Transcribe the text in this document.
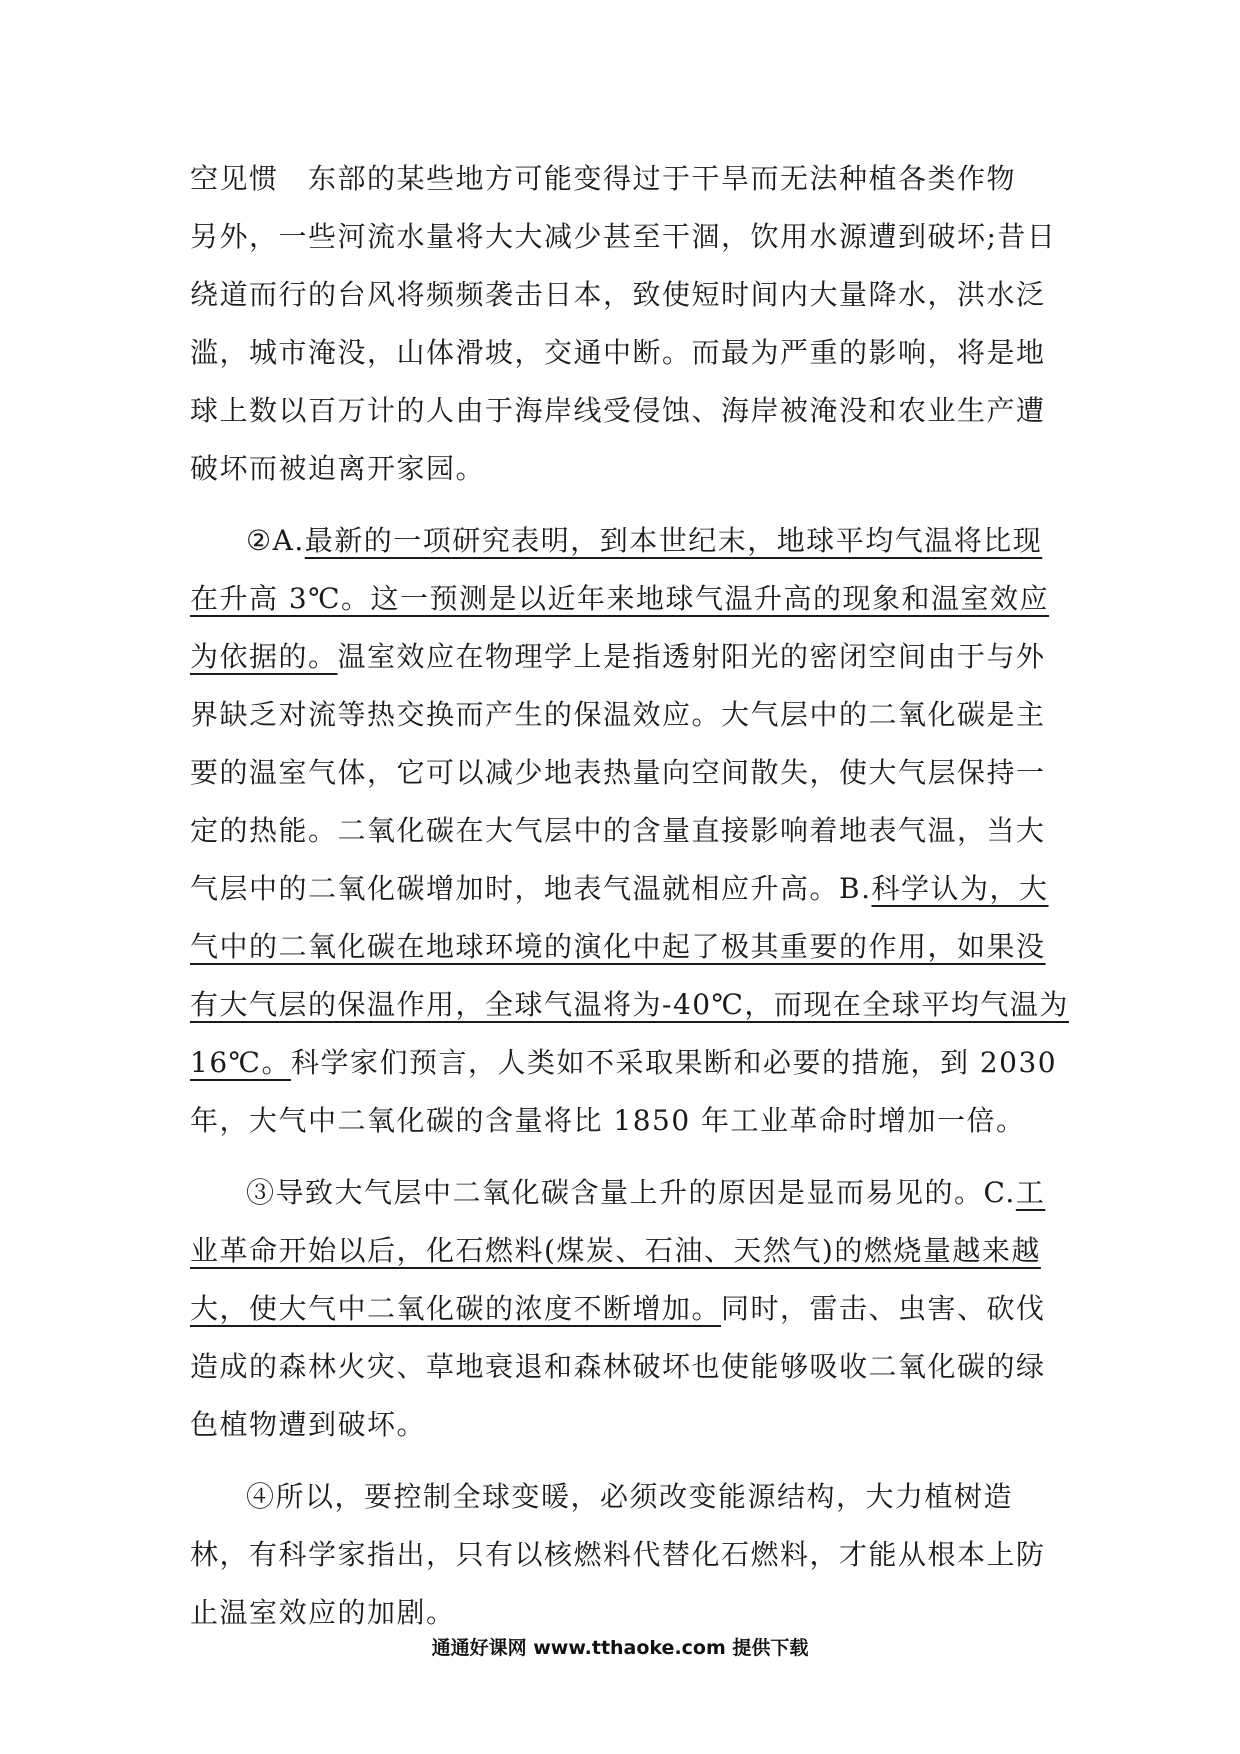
空见惯　东部的某些地方可能变得过于干旱而无法种植各类作物
另外，一些河流水量将大大减少甚至干涸，饮用水源遭到破坏;昔日
绕道而行的台风将频频袭击日本，致使短时间内大量降水，洪水泛
滥，城市淹没，山体滑坡，交通中断。而最为严重的影响，将是地
球上数以百万计的人由于海岸线受侵蚀、海岸被淹没和农业生产遭
破坏而被迫离开家园。
②A.最新的一项研究表明，到本世纪末，地球平均气温将比现
在升高 3℃。这一预测是以近年来地球气温升高的现象和温室效应
为依据的。温室效应在物理学上是指透射阳光的密闭空间由于与外
界缺乏对流等热交换而产生的保温效应。大气层中的二氧化碳是主
要的温室气体，它可以减少地表热量向空间散失，使大气层保持一
定的热能。二氧化碳在大气层中的含量直接影响着地表气温，当大
气层中的二氧化碳增加时，地表气温就相应升高。B.科学认为，大
气中的二氧化碳在地球环境的演化中起了极其重要的作用，如果没
有大气层的保温作用，全球气温将为-40℃，而现在全球平均气温为
16℃。科学家们预言，人类如不采取果断和必要的措施，到 2030
年，大气中二氧化碳的含量将比 1850 年工业革命时增加一倍。
③导致大气层中二氧化碳含量上升的原因是显而易见的。C.工
业革命开始以后，化石燃料(煤炭、石油、天然气)的燃烧量越来越
大，使大气中二氧化碳的浓度不断增加。同时，雷击、虫害、砍伐
造成的森林火灾、草地衰退和森林破坏也使能够吸收二氧化碳的绿
色植物遭到破坏。
④所以，要控制全球变暖，必须改变能源结构，大力植树造
林，有科学家指出，只有以核燃料代替化石燃料，才能从根本上防
止温室效应的加剧。
通通好课网 www.tthaoke.com 提供下载
